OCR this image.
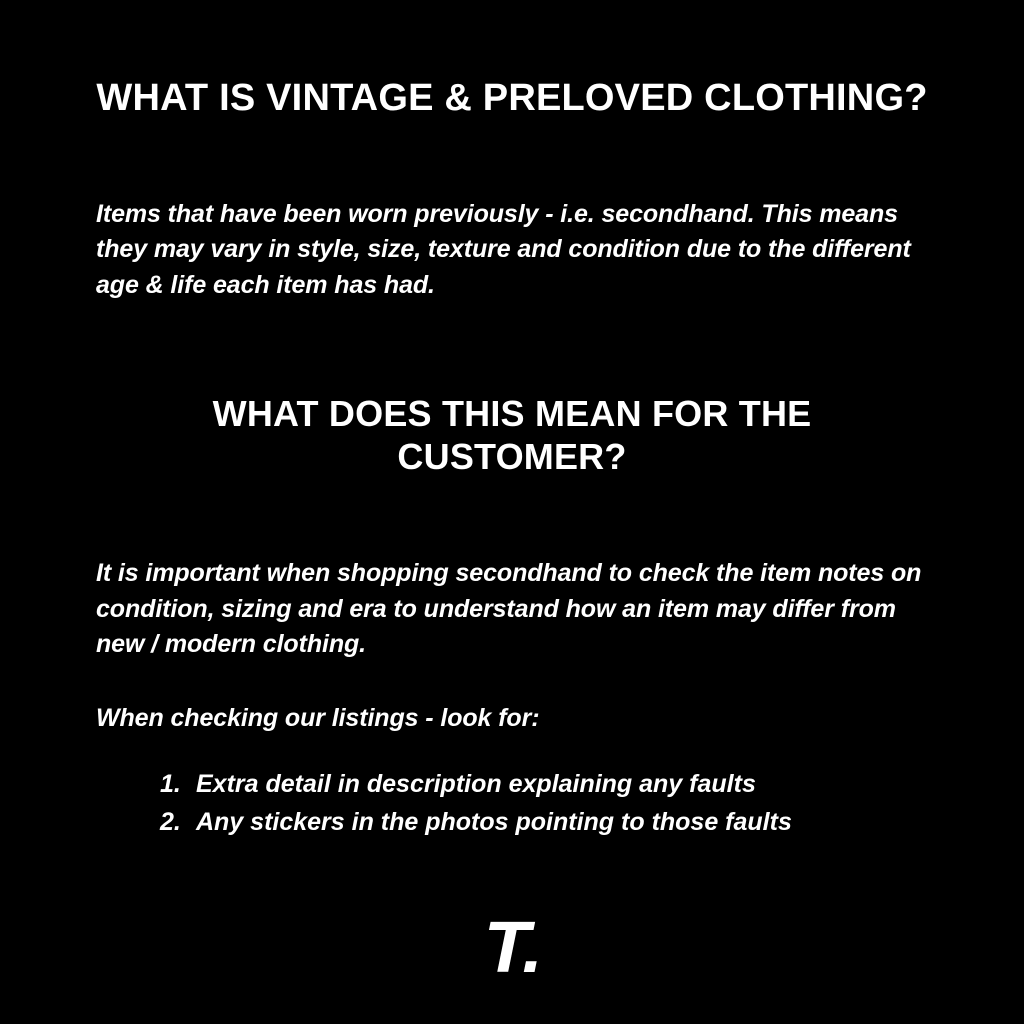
WHAT IS VINTAGE & PRELOVED CLOTHING?

Items that have been worn previously - i.e. secondhand. This means they may vary in style, size, texture and condition due to the different age & life each item has had.

WHAT DOES THIS MEAN FOR THE CUSTOMER?

It is important when shopping secondhand to check the item notes on condition, sizing and era to understand how an item may differ from new / modern clothing.

When checking our listings - look for:

Extra detail in description explaining any faults
Any stickers in the photos pointing to those faults
T.
